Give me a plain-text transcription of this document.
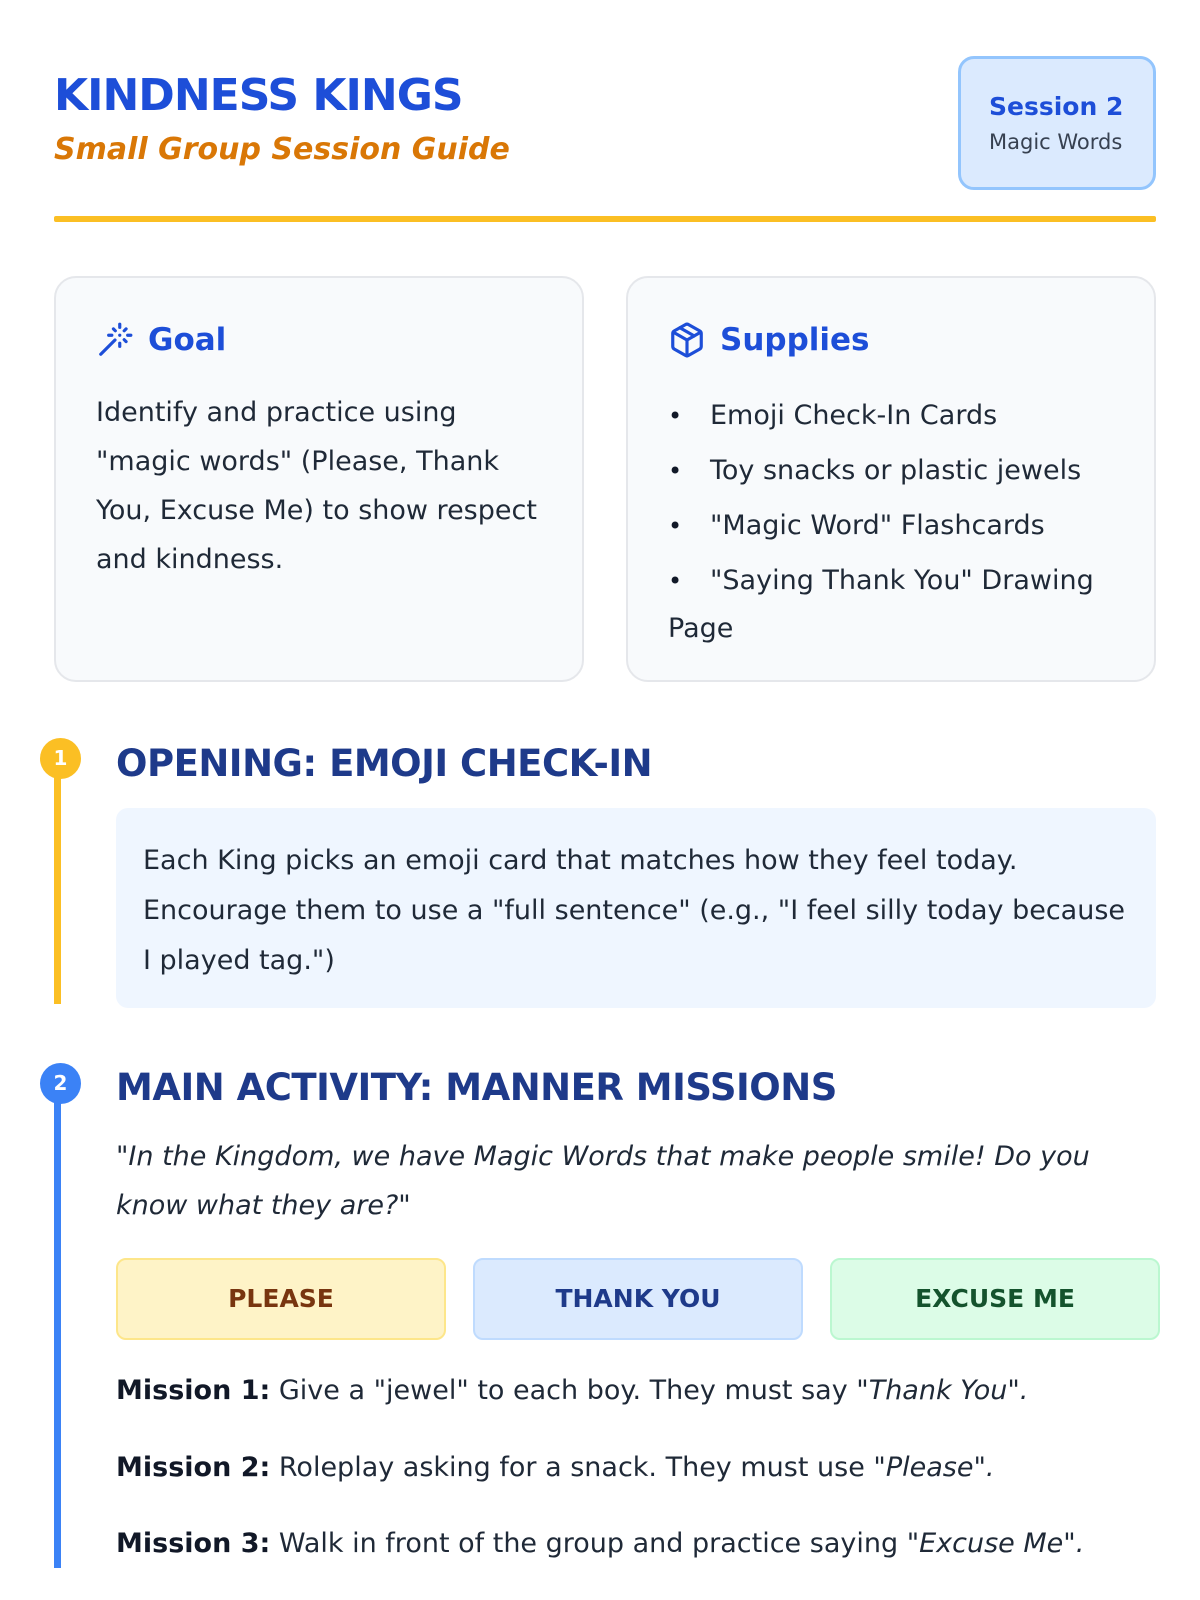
KINDNESS KINGS
Small Group Session Guide
Session 2
Magic Words
Goal

Identify and practice using "magic words" (Please, Thank You, Excuse Me) to show respect and kindness.

Supplies
• Emoji Check-In Cards
• Toy snacks or plastic jewels
• "Magic Word" Flashcards
• "Saying Thank You" Drawing Page
1	OPENING: EMOJI CHECK-IN
Each King picks an emoji card that matches how they feel today. Encourage them to use a "full sentence" (e.g., "I feel silly today because I played tag.")
2	MAIN ACTIVITY: MANNER MISSIONS

"In the Kingdom, we have Magic Words that make people smile! Do you know what they are?"

PLEASE	THANK YOU	EXCUSE ME

Mission 1: Give a "jewel" to each boy. They must say "Thank You".

Mission 2: Roleplay asking for a snack. They must use "Please".

Mission 3: Walk in front of the group and practice saying "Excuse Me".
